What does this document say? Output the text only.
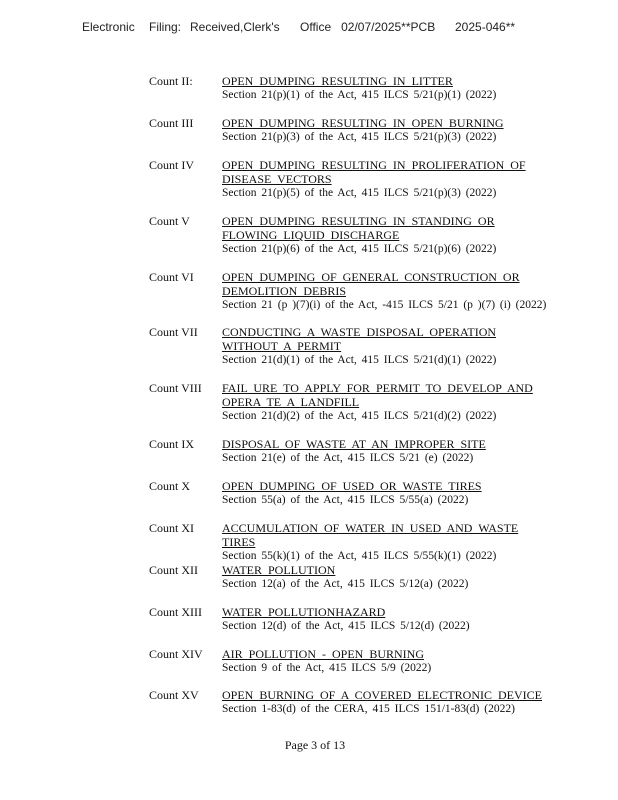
Electronic Filing: Received,Clerk's Office   02/07/2025**PCB 2025-046**
Count II: OPEN DUMPING RESULTING IN LITTER
Section 21(p)(1) of the Act, 415 ILCS 5/21(p)(1) (2022)
Count III OPEN DUMPING RESULTING IN OPEN BURNING
Section 21(p)(3) of the Act, 415 ILCS 5/21(p)(3) (2022)
Count IV OPEN DUMPING RESULTING IN PROLIFERATION OF DISEASE VECTORS
Section 21(p)(5) of the Act, 415 ILCS 5/21(p)(3) (2022)
Count V	OPEN DUMPING RESULTING IN STANDING OR FLOWING LIQUID DISCHARGE
Section 21(p)(6) of the Act, 415 ILCS 5/21(p)(6) (2022)
Count VI OPEN DUMPING OF GENERAL CONSTRUCTION OR DEMOLITION DEBRIS
Section 21 (p )(7)(i) of the Act, -415 ILCS 5/21 (p )(7) (i) (2022)
Count VII CONDUCTING A WASTE DISPOSAL OPERATION WITHOUT A PERMIT
Section 21(d)(1) of the Act, 415 ILCS 5/21(d)(1) (2022)
Count VIII FAIL URE TO APPLY FOR PERMIT TO DEVELOP AND OPERA TE A LANDFILL
Section 21(d)(2) of the Act, 415 ILCS 5/21(d)(2) (2022)
Count IX DISPOSAL OF WASTE AT AN IMPROPER SITE
Section 21(e) of the Act, 415 ILCS 5/21 (e) (2022)
Count X	OPEN DUMPING OF USED OR WASTE TIRES
Section 55(a) of the Act, 415 ILCS 5/55(a) (2022)
Count XI ACCUMULATION OF WATER IN USED AND WASTE TIRES
Section 55(k)(1) of the Act, 415 ILCS 5/55(k)(1) (2022)
Count XII WATER POLLUTION
Section 12(a) of the Act, 415 ILCS 5/12(a) (2022)
Count XIII WATER POLLUTIONHAZARD
Section 12(d) of the Act, 415 ILCS 5/12(d) (2022)
Count XIV AIR POLLUTION - OPEN BURNING
Section 9 of the Act, 415 ILCS 5/9 (2022)
Count XV OPEN BURNING OF A COVERED ELECTRONIC DEVICE
Section 1-83(d) of the CERA, 415 ILCS 151/1-83(d) (2022)
Page 3 of 13
